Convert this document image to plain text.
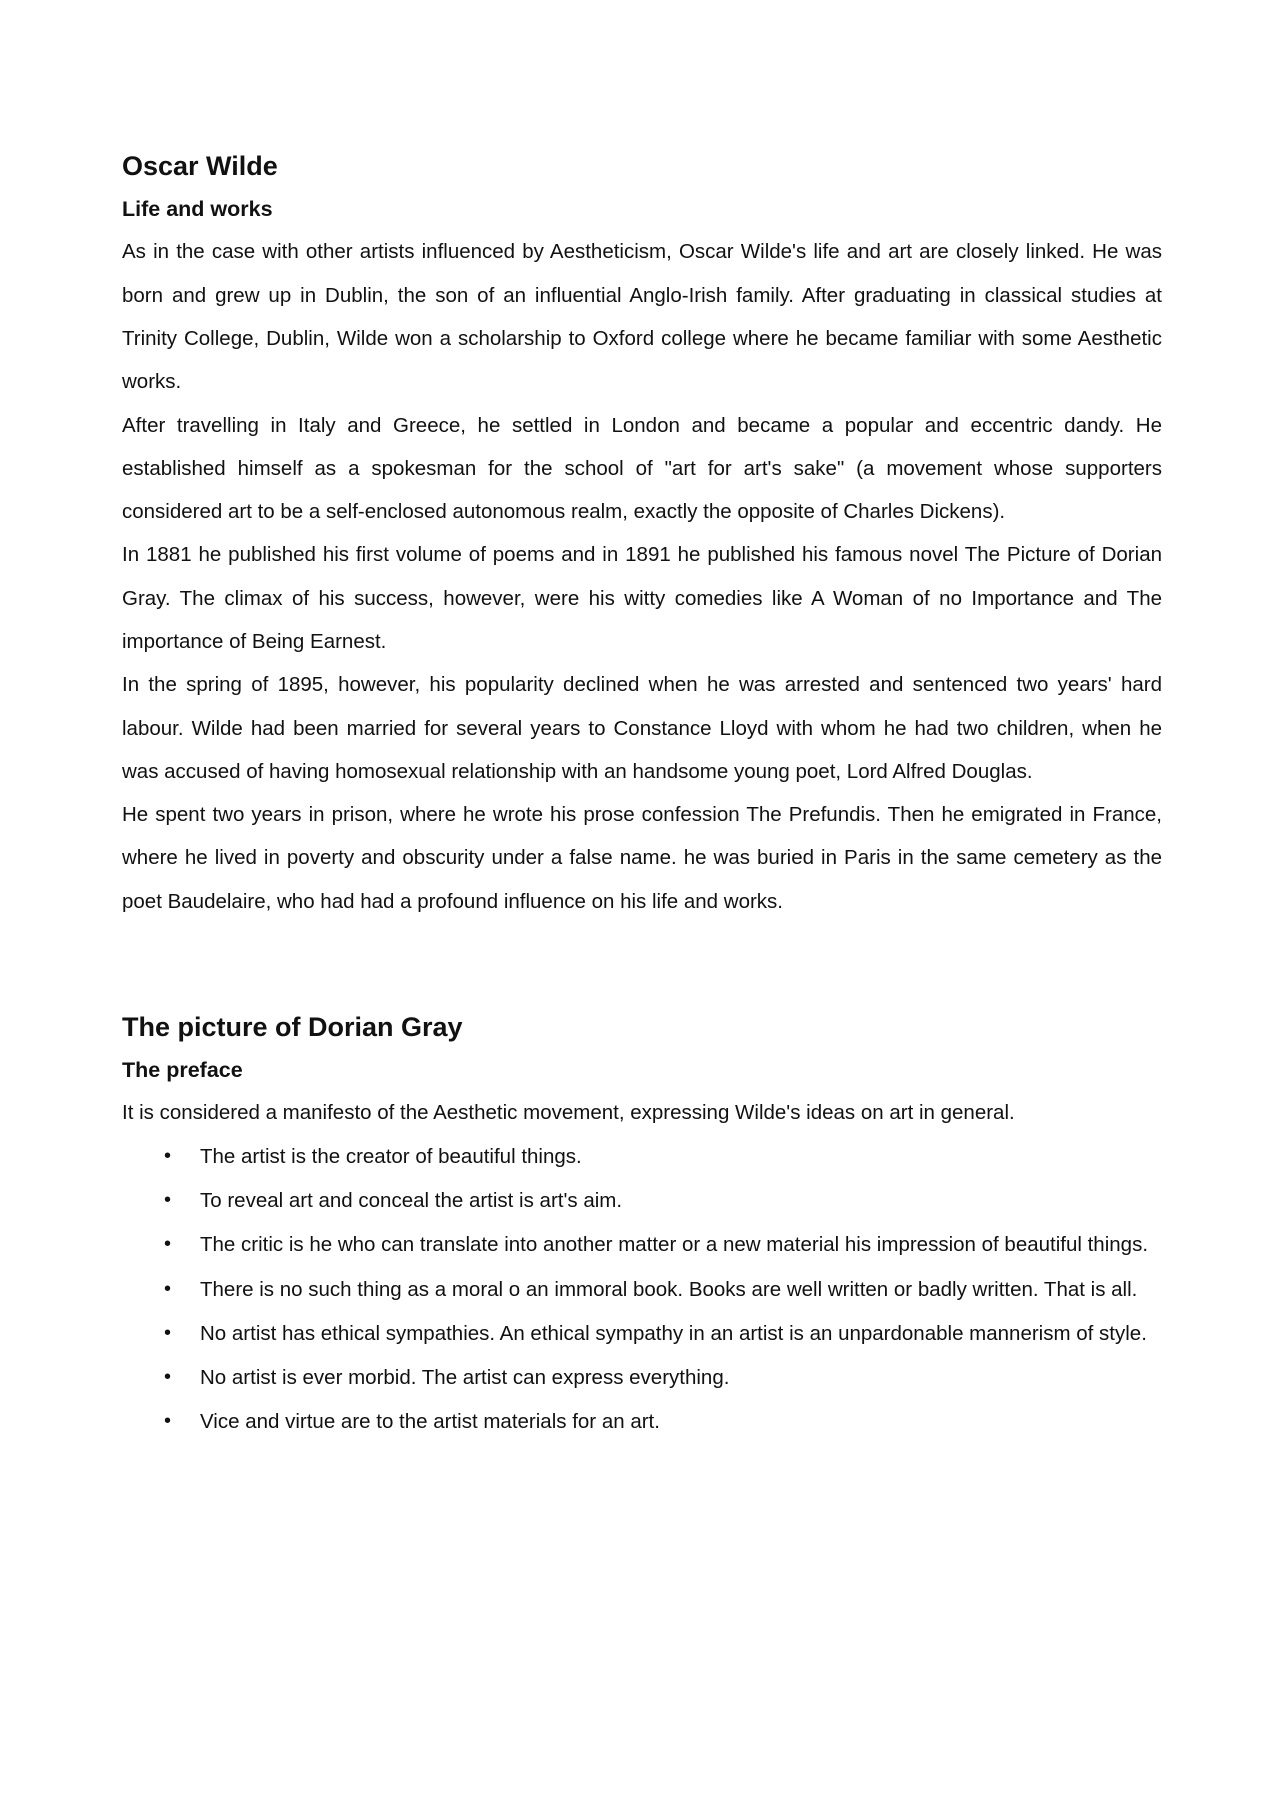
Oscar Wilde
Life and works

As in the case with other artists influenced by Aestheticism, Oscar Wilde's life and art are closely linked. He was born and grew up in Dublin, the son of an influential Anglo-Irish family. After graduating in classical studies at Trinity College, Dublin, Wilde won a scholarship to Oxford college where he became familiar with some Aesthetic works.

After travelling in Italy and Greece, he settled in London and became a popular and eccentric dandy. He established himself as a spokesman for the school of "art for art's sake" (a movement whose supporters considered art to be a self-enclosed autonomous realm, exactly the opposite of Charles Dickens).

In 1881 he published his first volume of poems and in 1891 he published his famous novel The Picture of Dorian Gray. The climax of his success, however, were his witty comedies like A Woman of no Importance and The importance of Being Earnest.

In the spring of 1895, however, his popularity declined when he was arrested and sentenced two years' hard labour. Wilde had been married for several years to Constance Lloyd with whom he had two children, when he was accused of having homosexual relationship with an handsome young poet, Lord Alfred Douglas.

He spent two years in prison, where he wrote his prose confession The Prefundis. Then he emigrated in France, where he lived in poverty and obscurity under a false name. he was buried in Paris in the same cemetery as the poet Baudelaire, who had had a profound influence on his life and works.

The picture of Dorian Gray
The preface

It is considered a manifesto of the Aesthetic movement, expressing Wilde's ideas on art in general.

• The artist is the creator of beautiful things.
• To reveal art and conceal the artist is art's aim.
• The critic is he who can translate into another matter or a new material his impression of beautiful things.
• There is no such thing as a moral o an immoral book. Books are well written or badly written. That is all.
• No artist has ethical sympathies. An ethical sympathy in an artist is an unpardonable mannerism of style.
• No artist is ever morbid. The artist can express everything.
• Vice and virtue are to the artist materials for an art.
